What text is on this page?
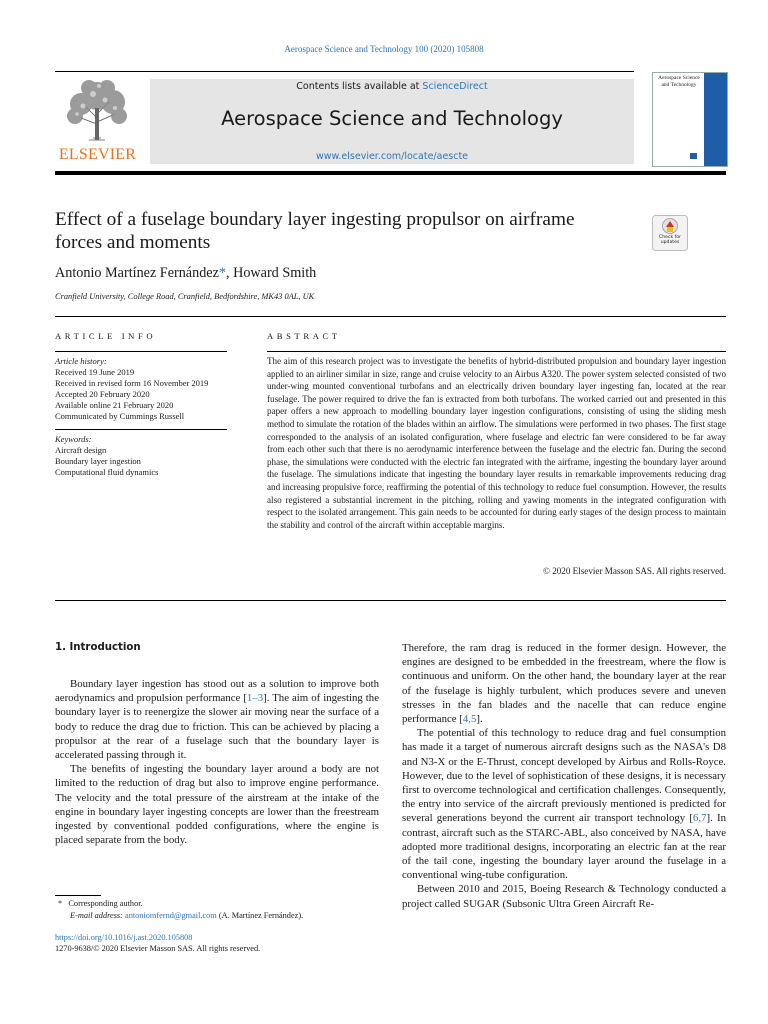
Aerospace Science and Technology 100 (2020) 105808
ELSEVIER
Contents lists available at ScienceDirect
Aerospace Science and Technology
www.elsevier.com/locate/aescte
Aerospace Science and Technology
Effect of a fuselage boundary layer ingesting propulsor on airframe forces and moments	Check for updates
Antonio Martínez Fernández*, Howard Smith
Cranfield University, College Road, Cranfield, Bedfordshire, MK43 0AL, UK
ARTICLE INFO	ABSTRACT
Article history:
Received 19 June 2019
Received in revised form 16 November 2019
Accepted 20 February 2020
Available online 21 February 2020
Communicated by Cummings Russell
Keywords:
Aircraft design
Boundary layer ingestion
Computational fluid dynamics
The aim of this research project was to investigate the benefits of hybrid-distributed propulsion and boundary layer ingestion applied to an airliner similar in size, range and cruise velocity to an Airbus A320. The power system selected consisted of two under-wing mounted conventional turbofans and an electrically driven boundary layer ingesting fan, located at the rear fuselage. The power required to drive the fan is extracted from both turbofans. The worked carried out and presented in this paper offers a new approach to modelling boundary layer ingestion configurations, consisting of using the sliding mesh method to simulate the rotation of the blades within an airflow. The simulations were performed in two phases. The first stage corresponded to the analysis of an isolated configuration, where fuselage and electric fan were considered to be far away from each other such that there is no aerodynamic interference between the fuselage and the electric fan. During the second phase, the simulations were conducted with the electric fan integrated with the airframe, ingesting the boundary layer around the fuselage. The simulations indicate that ingesting the boundary layer results in remarkable improvements reducing drag and increasing propulsive force, reaffirming the potential of this technology to reduce fuel consumption. However, the results also registered a substantial increment in the pitching, rolling and yawing moments in the integrated configuration with respect to the isolated arrangement. This gain needs to be accounted for during early stages of the design process to maintain the stability and control of the aircraft within acceptable margins.
© 2020 Elsevier Masson SAS. All rights reserved.
1. Introduction

Boundary layer ingestion has stood out as a solution to improve both aerodynamics and propulsion performance [1–3]. The aim of ingesting the boundary layer is to reenergize the slower air moving near the surface of a body to reduce the drag due to friction. This can be achieved by placing a propulsor at the rear of a fuselage such that the boundary layer is accelerated passing through it.

The benefits of ingesting the boundary layer around a body are not limited to the reduction of drag but also to improve engine performance. The velocity and the total pressure of the airstream at the intake of the engine in boundary layer ingesting concepts are lower than the freestream ingested by conventional podded configurations, where the engine is placed separate from the body.

Therefore, the ram drag is reduced in the former design. However, the engines are designed to be embedded in the freestream, where the flow is continuous and uniform. On the other hand, the boundary layer at the rear of the fuselage is highly turbulent, which produces severe and uneven stresses in the fan blades and the nacelle that can reduce engine performance [4,5].

The potential of this technology to reduce drag and fuel consumption has made it a target of numerous aircraft designs such as the NASA's D8 and N3-X or the E-Thrust, concept developed by Airbus and Rolls-Royce. However, due to the level of sophistication of these designs, it is necessary first to overcome technological and certification challenges. Consequently, the entry into service of the aircraft previously mentioned is predicted for several generations beyond the current air transport technology [6,7]. In contrast, aircraft such as the STARC-ABL, also conceived by NASA, have adopted more traditional designs, incorporating an electric fan at the rear of the tail cone, ingesting the boundary layer around the fuselage in a conventional wing-tube configuration.

Between 2010 and 2015, Boeing Research & Technology conducted a project called SUGAR (Subsonic Ultra Green Aircraft Re-

* Corresponding author.
E-mail address: antoniomfernd@gmail.com (A. Martínez Fernández).
https://doi.org/10.1016/j.ast.2020.105808
1270-9638/© 2020 Elsevier Masson SAS. All rights reserved.
